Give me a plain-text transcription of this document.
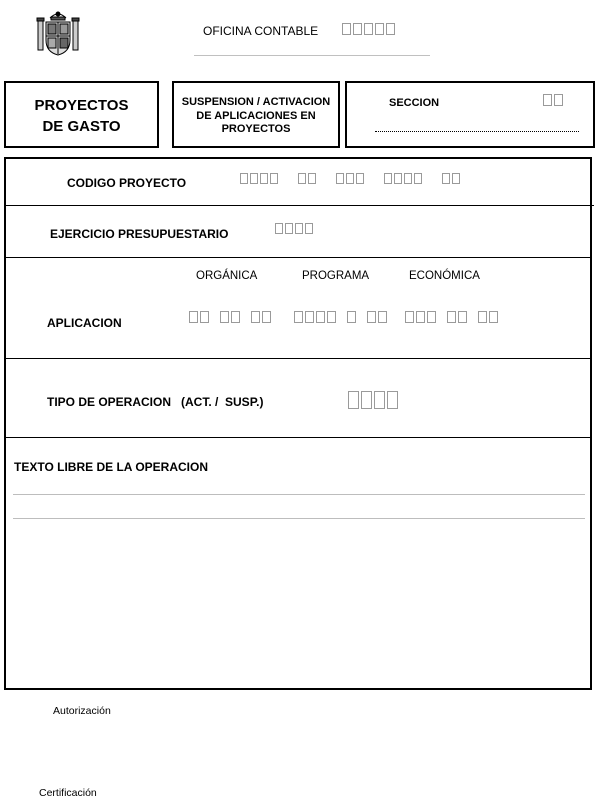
OFICINA CONTABLE
PROYECTOS
DE GASTO
SUSPENSION / ACTIVACION
DE APLICACIONES EN
PROYECTOS
SECCION
CODIGO PROYECTO
EJERCICIO PRESUPUESTARIO
ORGÁNICA	PROGRAMA	ECONÓMICA
APLICACION
TIPO DE OPERACION   (ACT. /  SUSP.)
TEXTO LIBRE DE LA OPERACION
Autorización
Certificación
